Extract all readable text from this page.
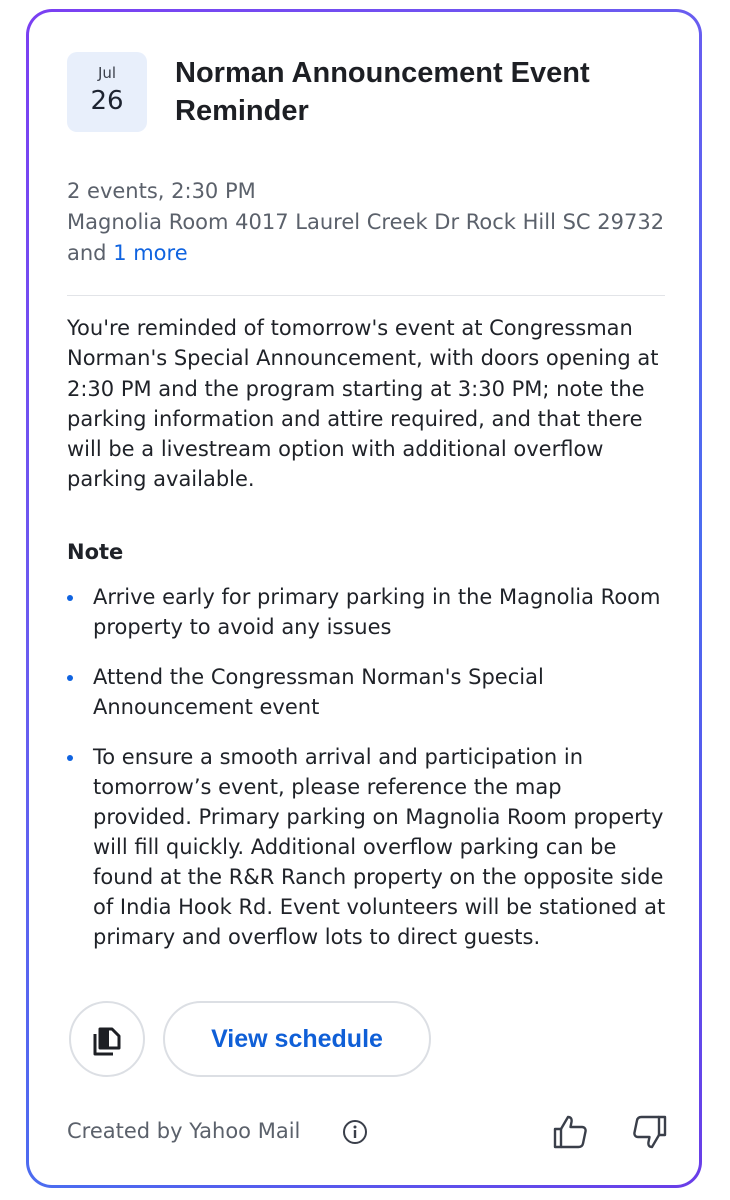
Jul
26
Norman Announcement Event Reminder
2 events, 2:30 PM
Magnolia Room 4017 Laurel Creek Dr Rock Hill SC 29732 and 1 more
You're reminded of tomorrow's event at Congressman Norman's Special Announcement, with doors opening at 2:30 PM and the program starting at 3:30 PM; note the parking information and attire required, and that there will be a livestream option with additional overflow parking available.
Note
Arrive early for primary parking in the Magnolia Room property to avoid any issues
Attend the Congressman Norman's Special Announcement event
To ensure a smooth arrival and participation in tomorrow’s event, please reference the map provided. Primary parking on Magnolia Room property will fill quickly. Additional overflow parking can be found at the R&R Ranch property on the opposite side of India Hook Rd. Event volunteers will be stationed at primary and overflow lots to direct guests.
View schedule
Created by Yahoo Mail
